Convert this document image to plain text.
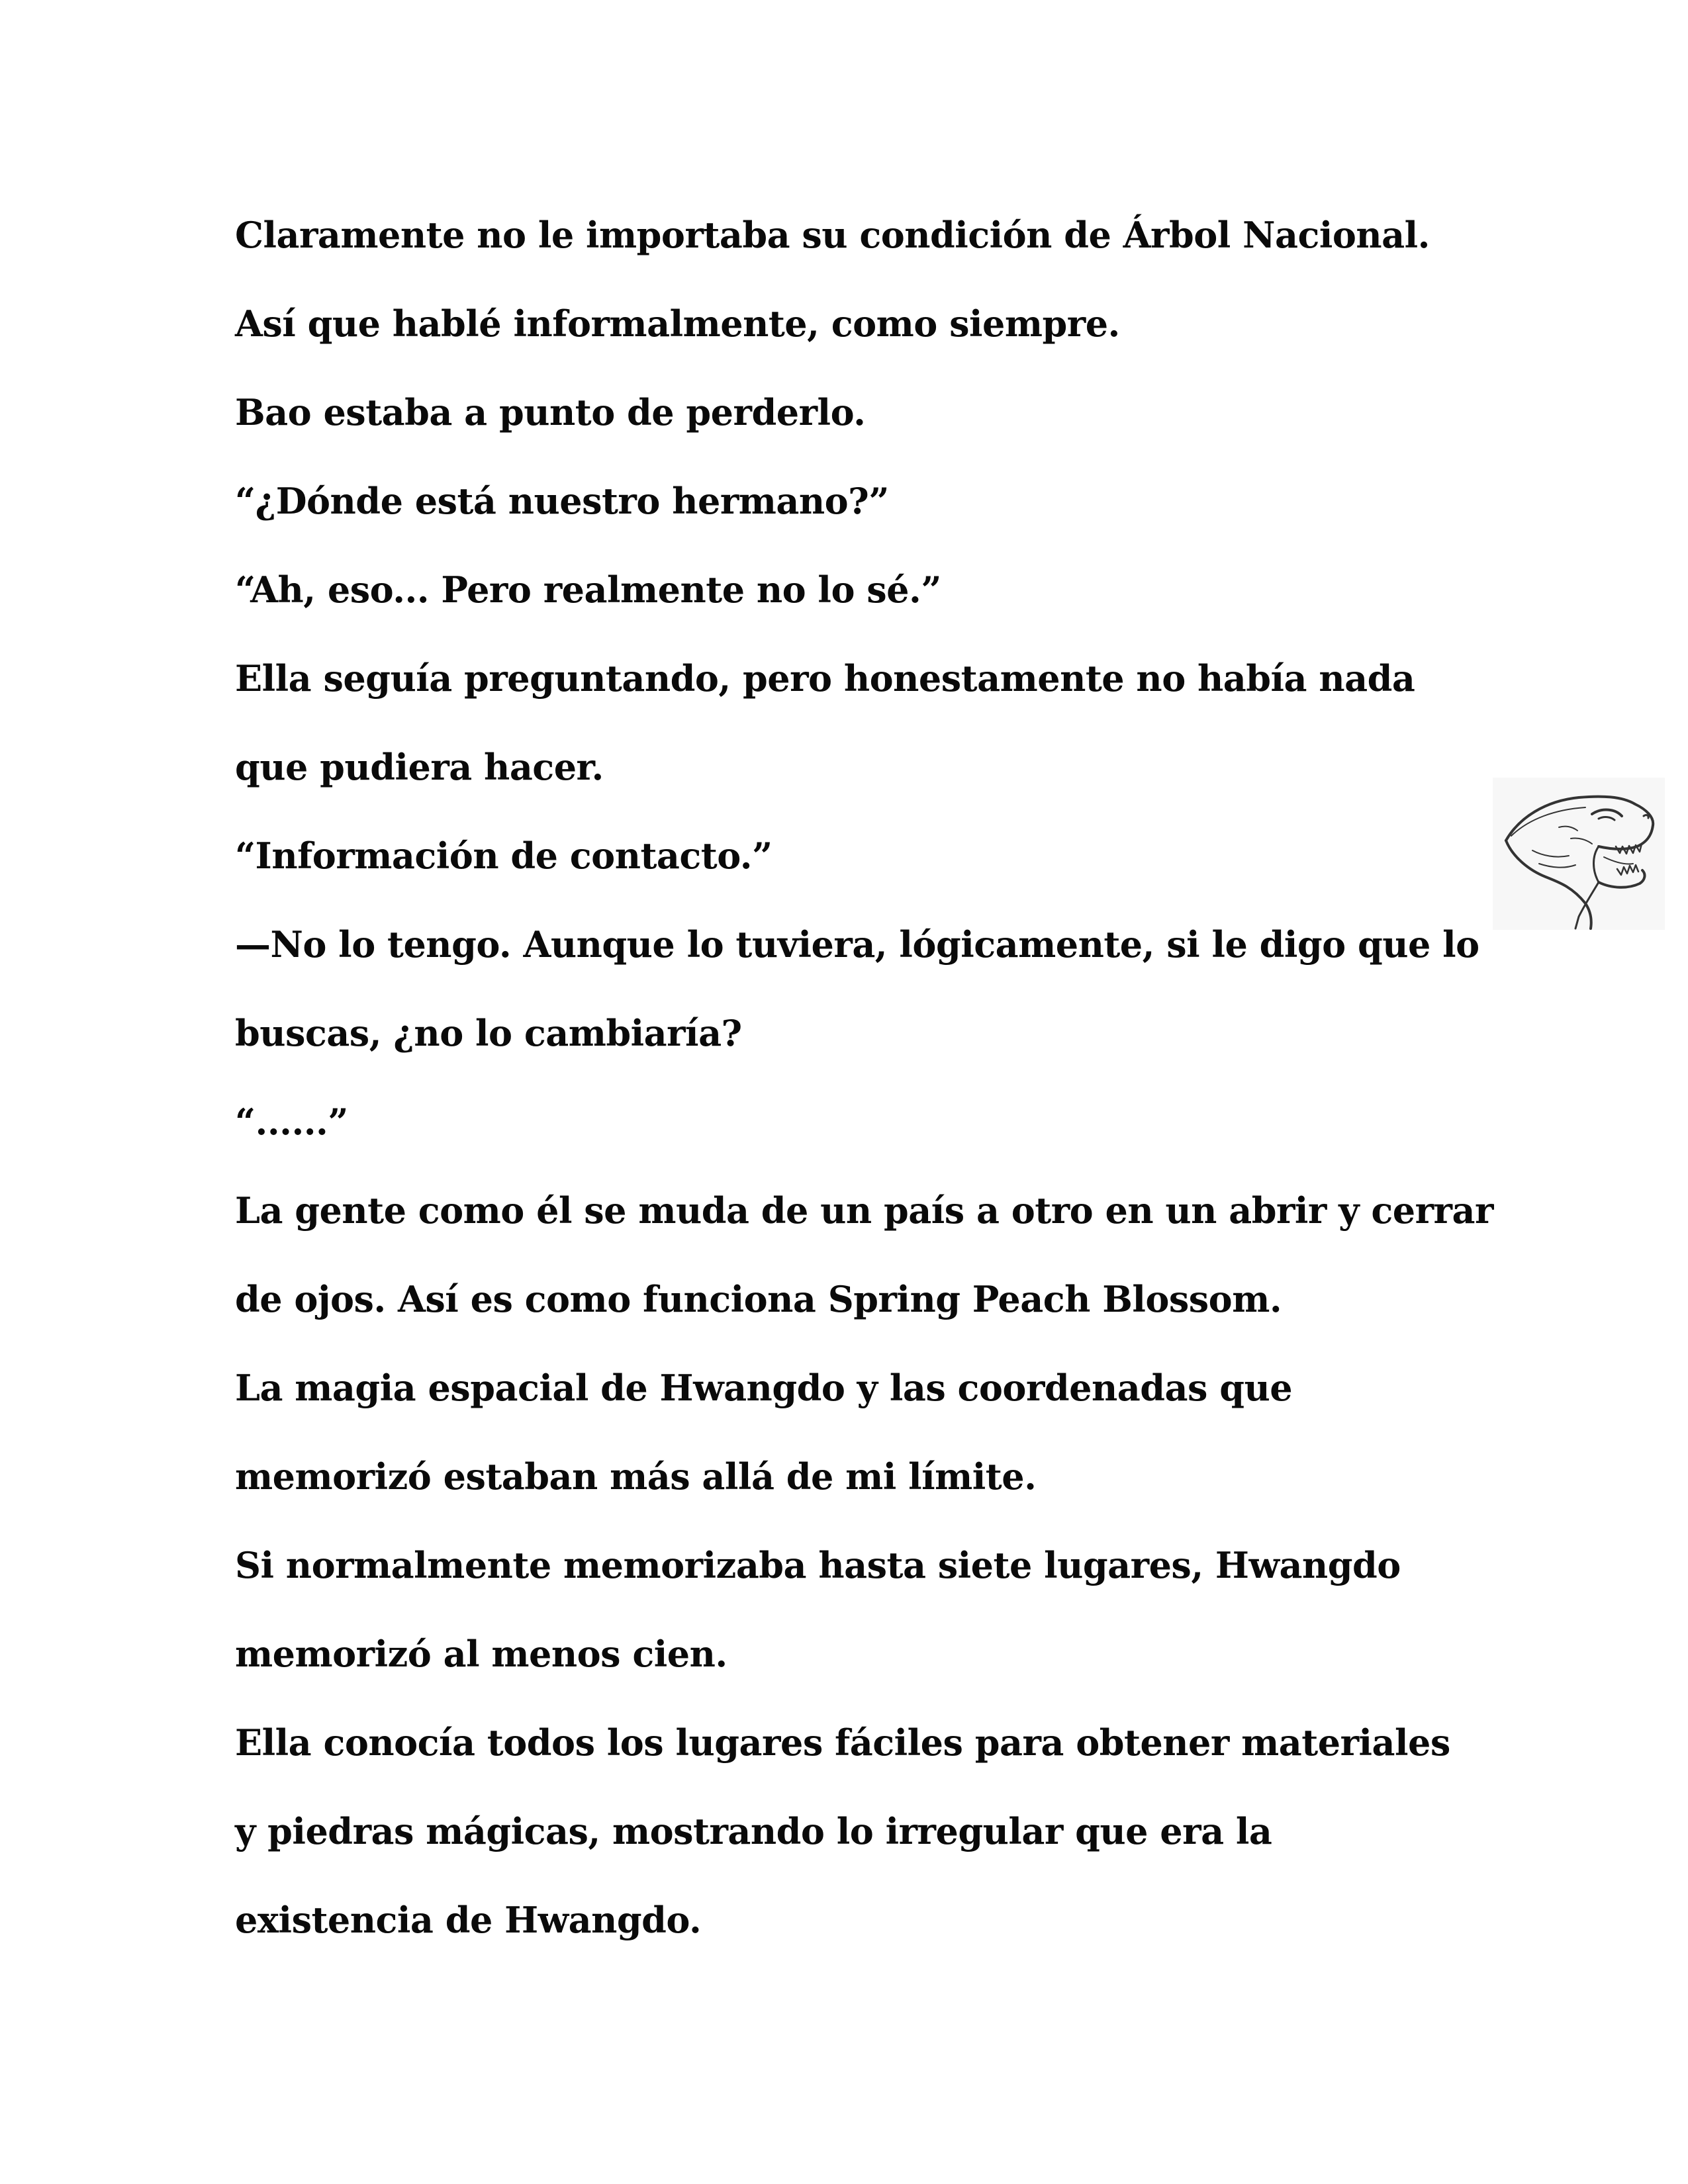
Claramente no le importaba su condición de Árbol Nacional.
Así que hablé informalmente, como siempre.
Bao estaba a punto de perderlo.
“¿Dónde está nuestro hermano?”
“Ah, eso... Pero realmente no lo sé.”
Ella seguía preguntando, pero honestamente no había nada
que pudiera hacer.
“Información de contacto.”
—No lo tengo. Aunque lo tuviera, lógicamente, si le digo que lo
buscas, ¿no lo cambiaría?
“......”
La gente como él se muda de un país a otro en un abrir y cerrar
de ojos. Así es como funciona Spring Peach Blossom.
La magia espacial de Hwangdo y las coordenadas que
memorizó estaban más allá de mi límite.
Si normalmente memorizaba hasta siete lugares, Hwangdo
memorizó al menos cien.
Ella conocía todos los lugares fáciles para obtener materiales
y piedras mágicas, mostrando lo irregular que era la
existencia de Hwangdo.
